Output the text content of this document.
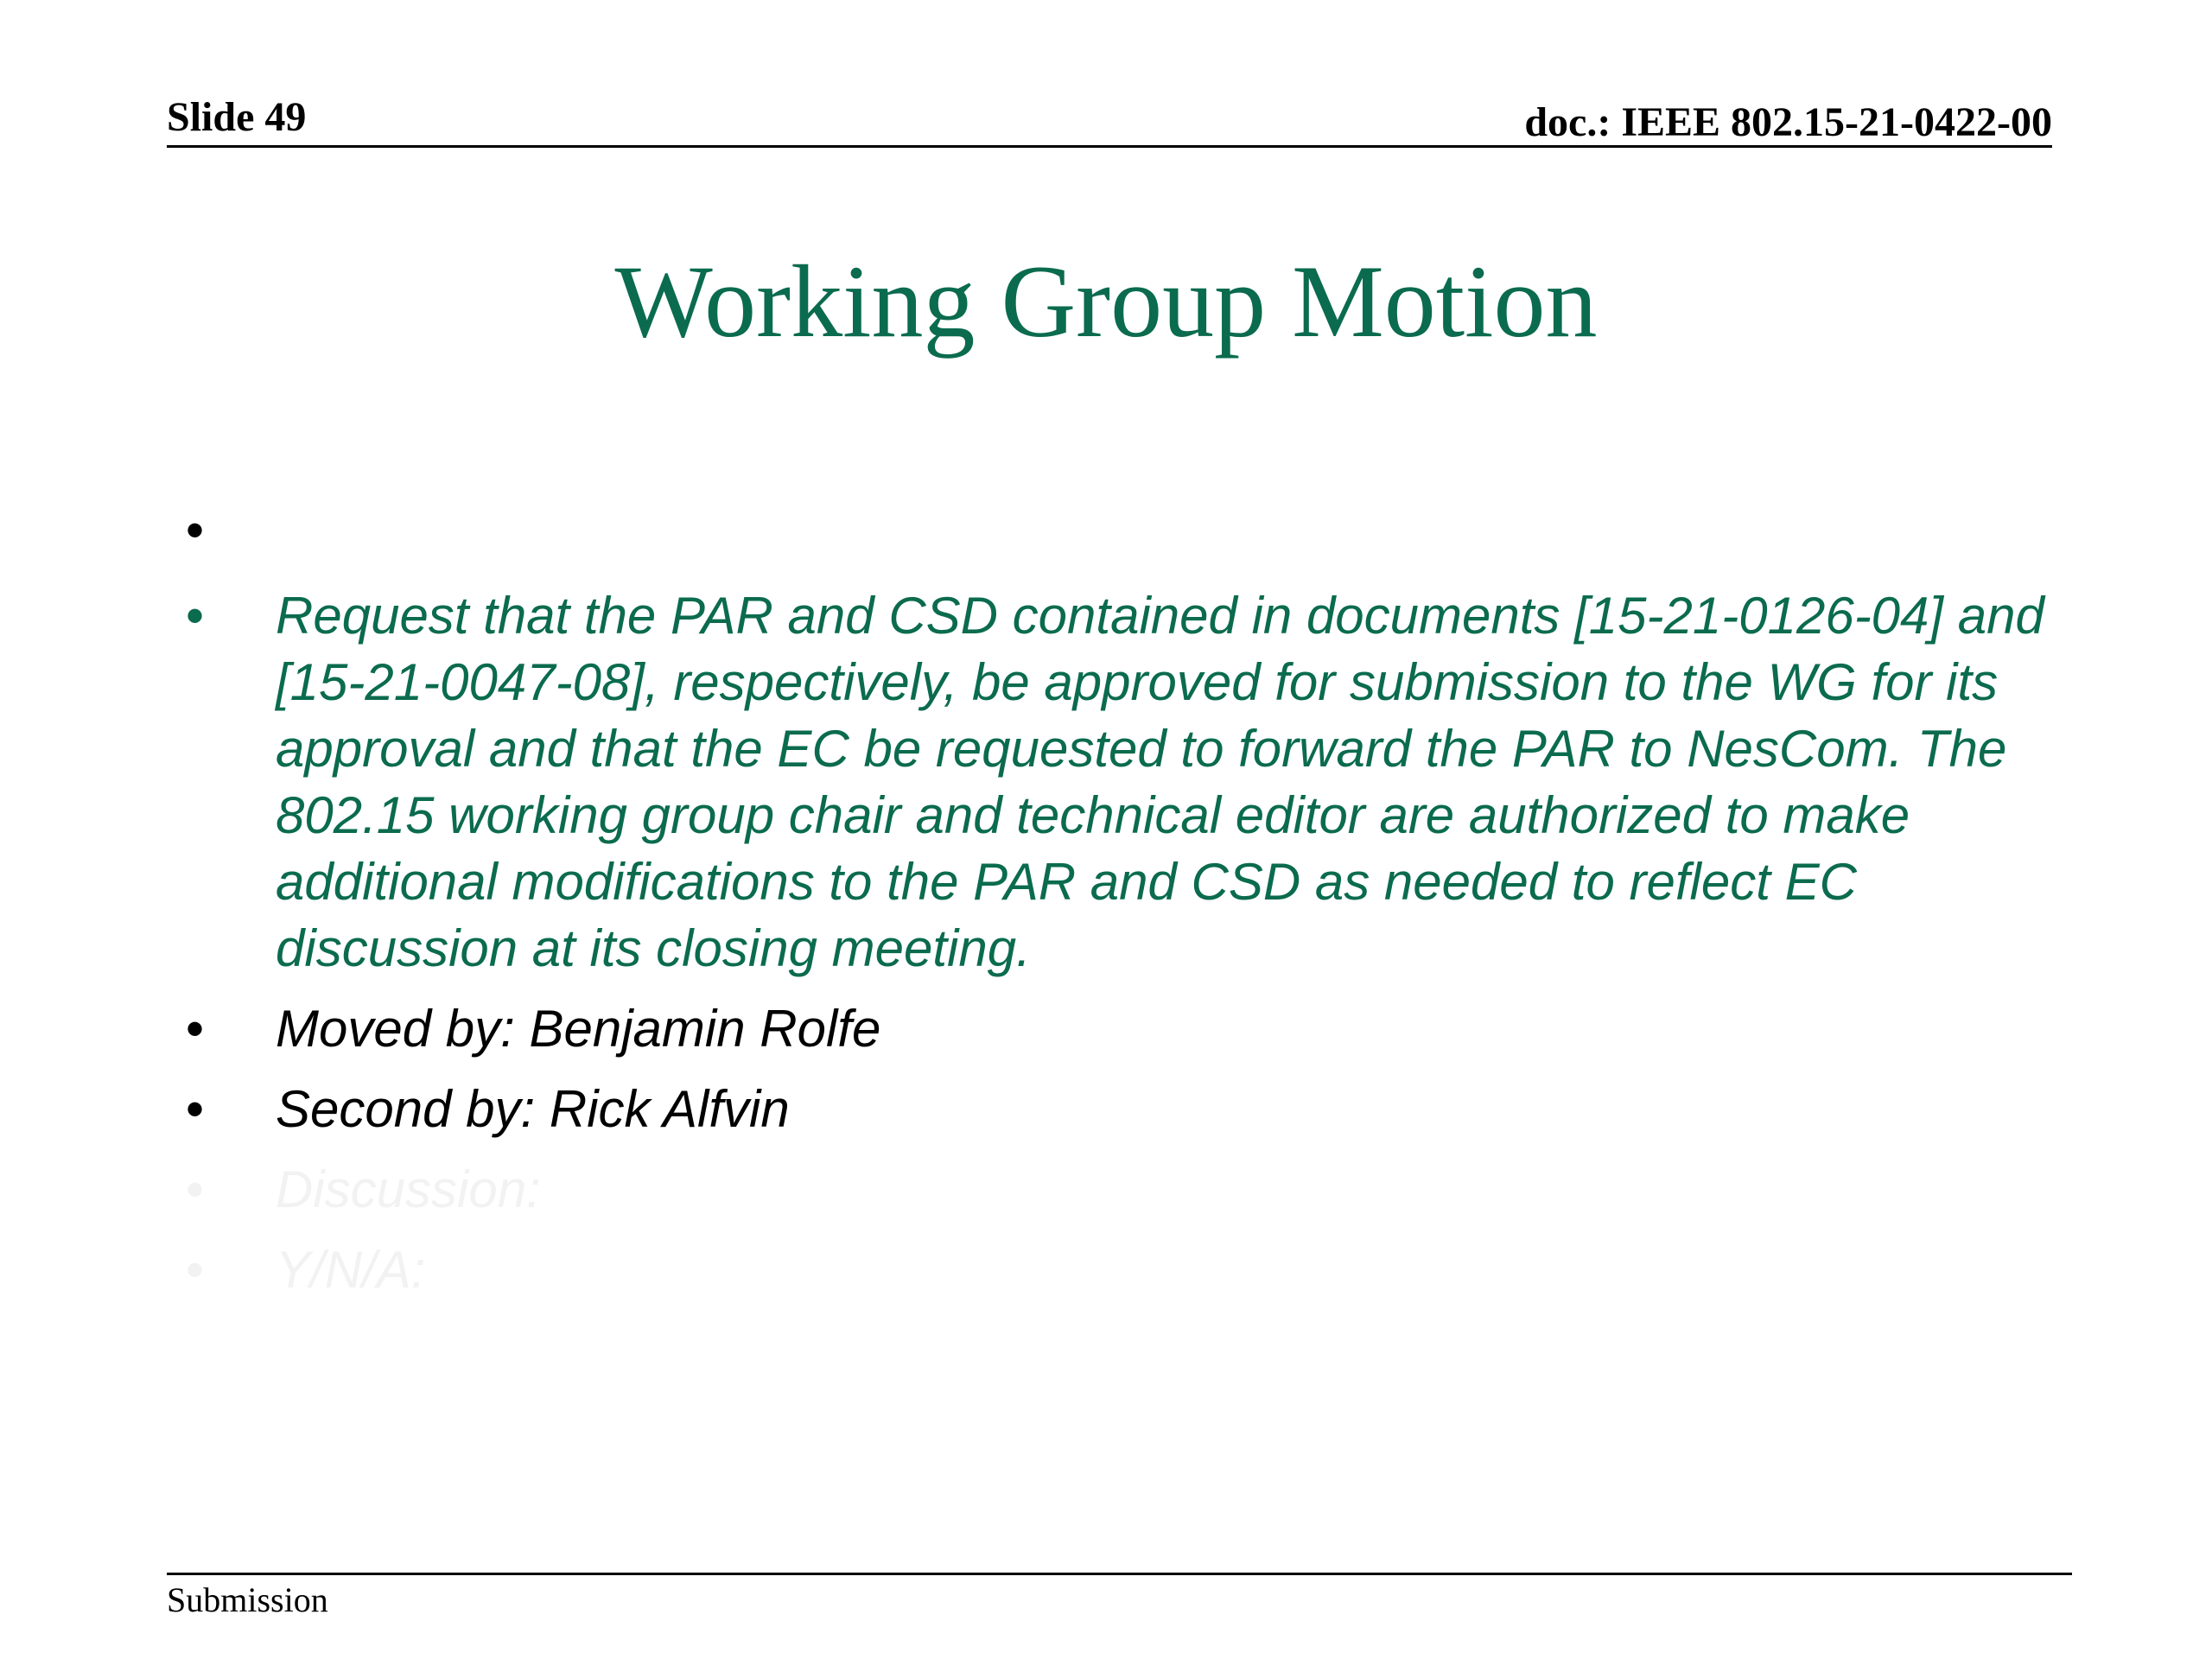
Slide 49	doc.: IEEE 802.15-21-0422-00
Working Group Motion
•
• Request that the PAR and CSD contained in documents [15-21-0126-04] and [15-21-0047-08], respectively, be approved for submission to the WG for its approval and that the EC be requested to forward the PAR to NesCom. The 802.15 working group chair and technical editor are authorized to make additional modifications to the PAR and CSD as needed to reflect EC discussion at its closing meeting.
• Moved by: Benjamin Rolfe
• Second by: Rick Alfvin
• Discussion:
• Y/N/A:
Submission
